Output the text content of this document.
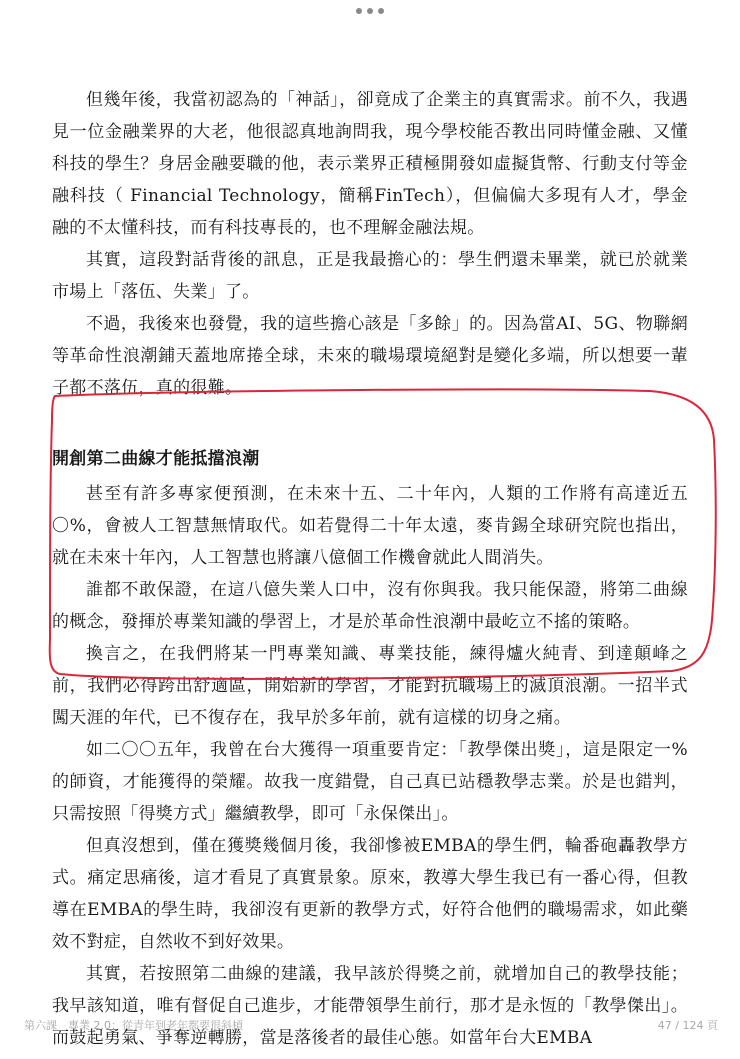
但幾年後，我當初認為的「神話」，卻竟成了企業主的真實需求。前不久，我遇見一位金融業界的大老，他很認真地詢問我，現今學校能否教出同時懂金融、又懂科技的學生？身居金融要職的他，表示業界正積極開發如虛擬貨幣、行動支付等金融科技（ Financial Technology，簡稱FinTech），但偏偏大多現有人才，學金融的不太懂科技，而有科技專長的，也不理解金融法規。

其實，這段對話背後的訊息，正是我最擔心的：學生們還未畢業，就已於就業市場上「落伍、失業」了。

不過，我後來也發覺，我的這些擔心該是「多餘」的。因為當AI、5G、物聯網等革命性浪潮鋪天蓋地席捲全球，未來的職場環境絕對是變化多端，所以想要一輩子都不落伍，真的很難。

開創第二曲線才能抵擋浪潮

甚至有許多專家便預測，在未來十五、二十年內，人類的工作將有高達近五〇%，會被人工智慧無情取代。如若覺得二十年太遠，麥肯錫全球研究院也指出，就在未來十年內，人工智慧也將讓八億個工作機會就此人間消失。

誰都不敢保證，在這八億失業人口中，沒有你與我。我只能保證，將第二曲線的概念，發揮於專業知識的學習上，才是於革命性浪潮中最屹立不搖的策略。

換言之，在我們將某一門專業知識、專業技能，練得爐火純青、到達顛峰之前，我們必得跨出舒適區，開始新的學習，才能對抗職場上的滅頂浪潮。一招半式闖天涯的年代，已不復存在，我早於多年前，就有這樣的切身之痛。

如二〇〇五年，我曾在台大獲得一項重要肯定：「教學傑出獎」，這是限定一%的師資，才能獲得的榮耀。故我一度錯覺，自己真已站穩教學志業。於是也錯判，只需按照「得獎方式」繼續教學，即可「永保傑出」。

但真沒想到，僅在獲獎幾個月後，我卻慘被EMBA的學生們，輪番砲轟教學方式。痛定思痛後，這才看見了真實景象。原來，教導大學生我已有一番心得，但教導在EMBA的學生時，我卻沒有更新的教學方式，好符合他們的職場需求，如此藥效不對症，自然收不到好效果。

其實，若按照第二曲線的建議，我早該於得獎之前，就增加自己的教學技能；我早該知道，唯有督促自己進步，才能帶領學生前行，那才是永恆的「教學傑出」。而鼓起勇氣、爭奪逆轉勝，當是落後者的最佳心態。如當年台大EMBA

第六課　專業 2.0：從青年到老年都要很斜槓	47 / 124 頁
